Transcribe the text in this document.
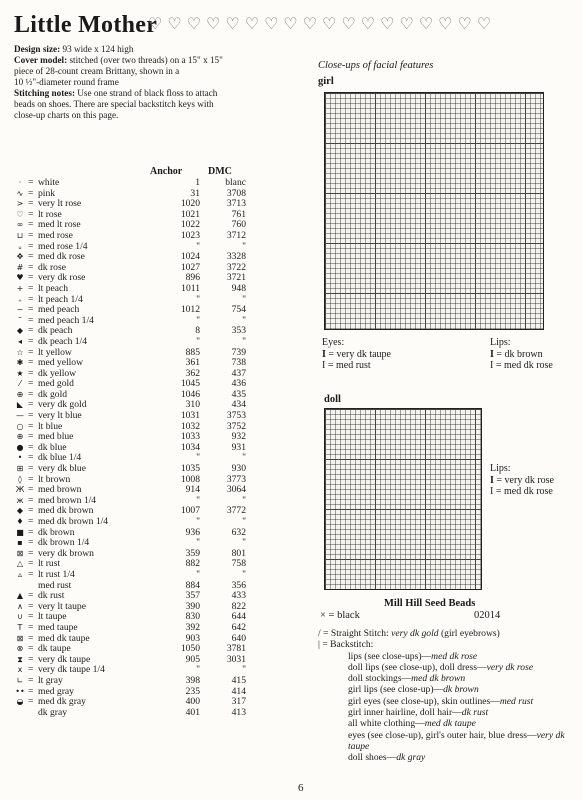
Little Mother
♡♡♡♡♡♡♡♡♡♡♡♡♡♡♡♡♡♡
Design size: 93 wide x 124 high
Cover model: stitched (over two threads) on a 15" x 15"
piece of 28-count cream Brittany, shown in a
10 ½"-diameter round frame
Stitching notes: Use one strand of black floss to attach
beads on shoes. There are special backstitch keys with
close-up charts on this page.
Anchor	DMC
·	white	1	blanc
=
∿ pink	31	3708
=
> very lt rose	1020	3713
=
♡ lt rose	1021	761
=
∞ med lt rose	1022	760
=
⊔ med rose	1023	3712
=
ᵤ	med rose 1/4	"	"
=
✥ med dk rose	1024	3328
=
# dk rose	1027	3722
=
♥ very dk rose	896	3721
=
+ lt peach	1011	948
=
₊	lt peach 1/4	"	"
=
~ med peach	1012	754
=
˜	med peach 1/4	"	"
=
◆	dk peach	8	353
=
◂	dk peach 1/4	"	"
=
☆ lt yellow	885	739
=
✱ med yellow	361	738
=
★ dk yellow	362	437
=
⁄	med gold	1045	436
=
⊕ dk gold	1046	435
=
◣	very dk gold	310	434
=
— very lt blue	1031	3753
=
○ lt blue	1032	3752
=
⊕ med blue	1033	932
=
● dk blue	1034	931
=
•	dk blue 1/4	"	"
=
⊞ very dk blue	1035	930
=
◊	lt brown	1008	3773
=
Ж med brown	914	3064
=
ж med brown 1/4	"	"
=
◆	med dk brown	1007	3772
=
♦ med dk brown 1/4	"	"
=
■ dk brown	936	632
=
▪	dk brown 1/4	"	"
=
⊠ very dk brown	359	801
=
△	lt rust	882	758
=
▵	lt rust 1/4	"	"
=
med rust	884	356
▲	dk rust	357	433
=
∧	very lt taupe	390	822
=
∪	lt taupe	830	644
=
T	med taupe	392	642
=
⊠ med dk taupe	903	640
=
⊗ dk taupe	1050	3781
=
⧗	very dk taupe	905	3031
=
x	very dk taupe 1/4	"	"
=
∟ lt gray	398	415
=
•• med gray	235	414
=
◒ med dk gray	400	317
=
dk gray	401	413
Close-ups of facial features
girl
Eyes:
I = very dk taupe
I = med rust
Lips:
I = dk brown
I = med dk rose
doll
Lips:
I = very dk rose
I = med dk rose
Mill Hill Seed Beads
× = black	02014
/ = Straight Stitch: very dk gold (girl eyebrows)
| = Backstitch:
lips (see close-ups)—med dk rose
doll lips (see close-up), doll dress—very dk rose
doll stockings—med dk brown
girl lips (see close-up)—dk brown
girl eyes (see close-up), skin outlines—med rust
girl inner hairline, doll hair—dk rust
all white clothing—med dk taupe
eyes (see close-up), girl's outer hair, blue dress—very dk taupe
doll shoes—dk gray
6
